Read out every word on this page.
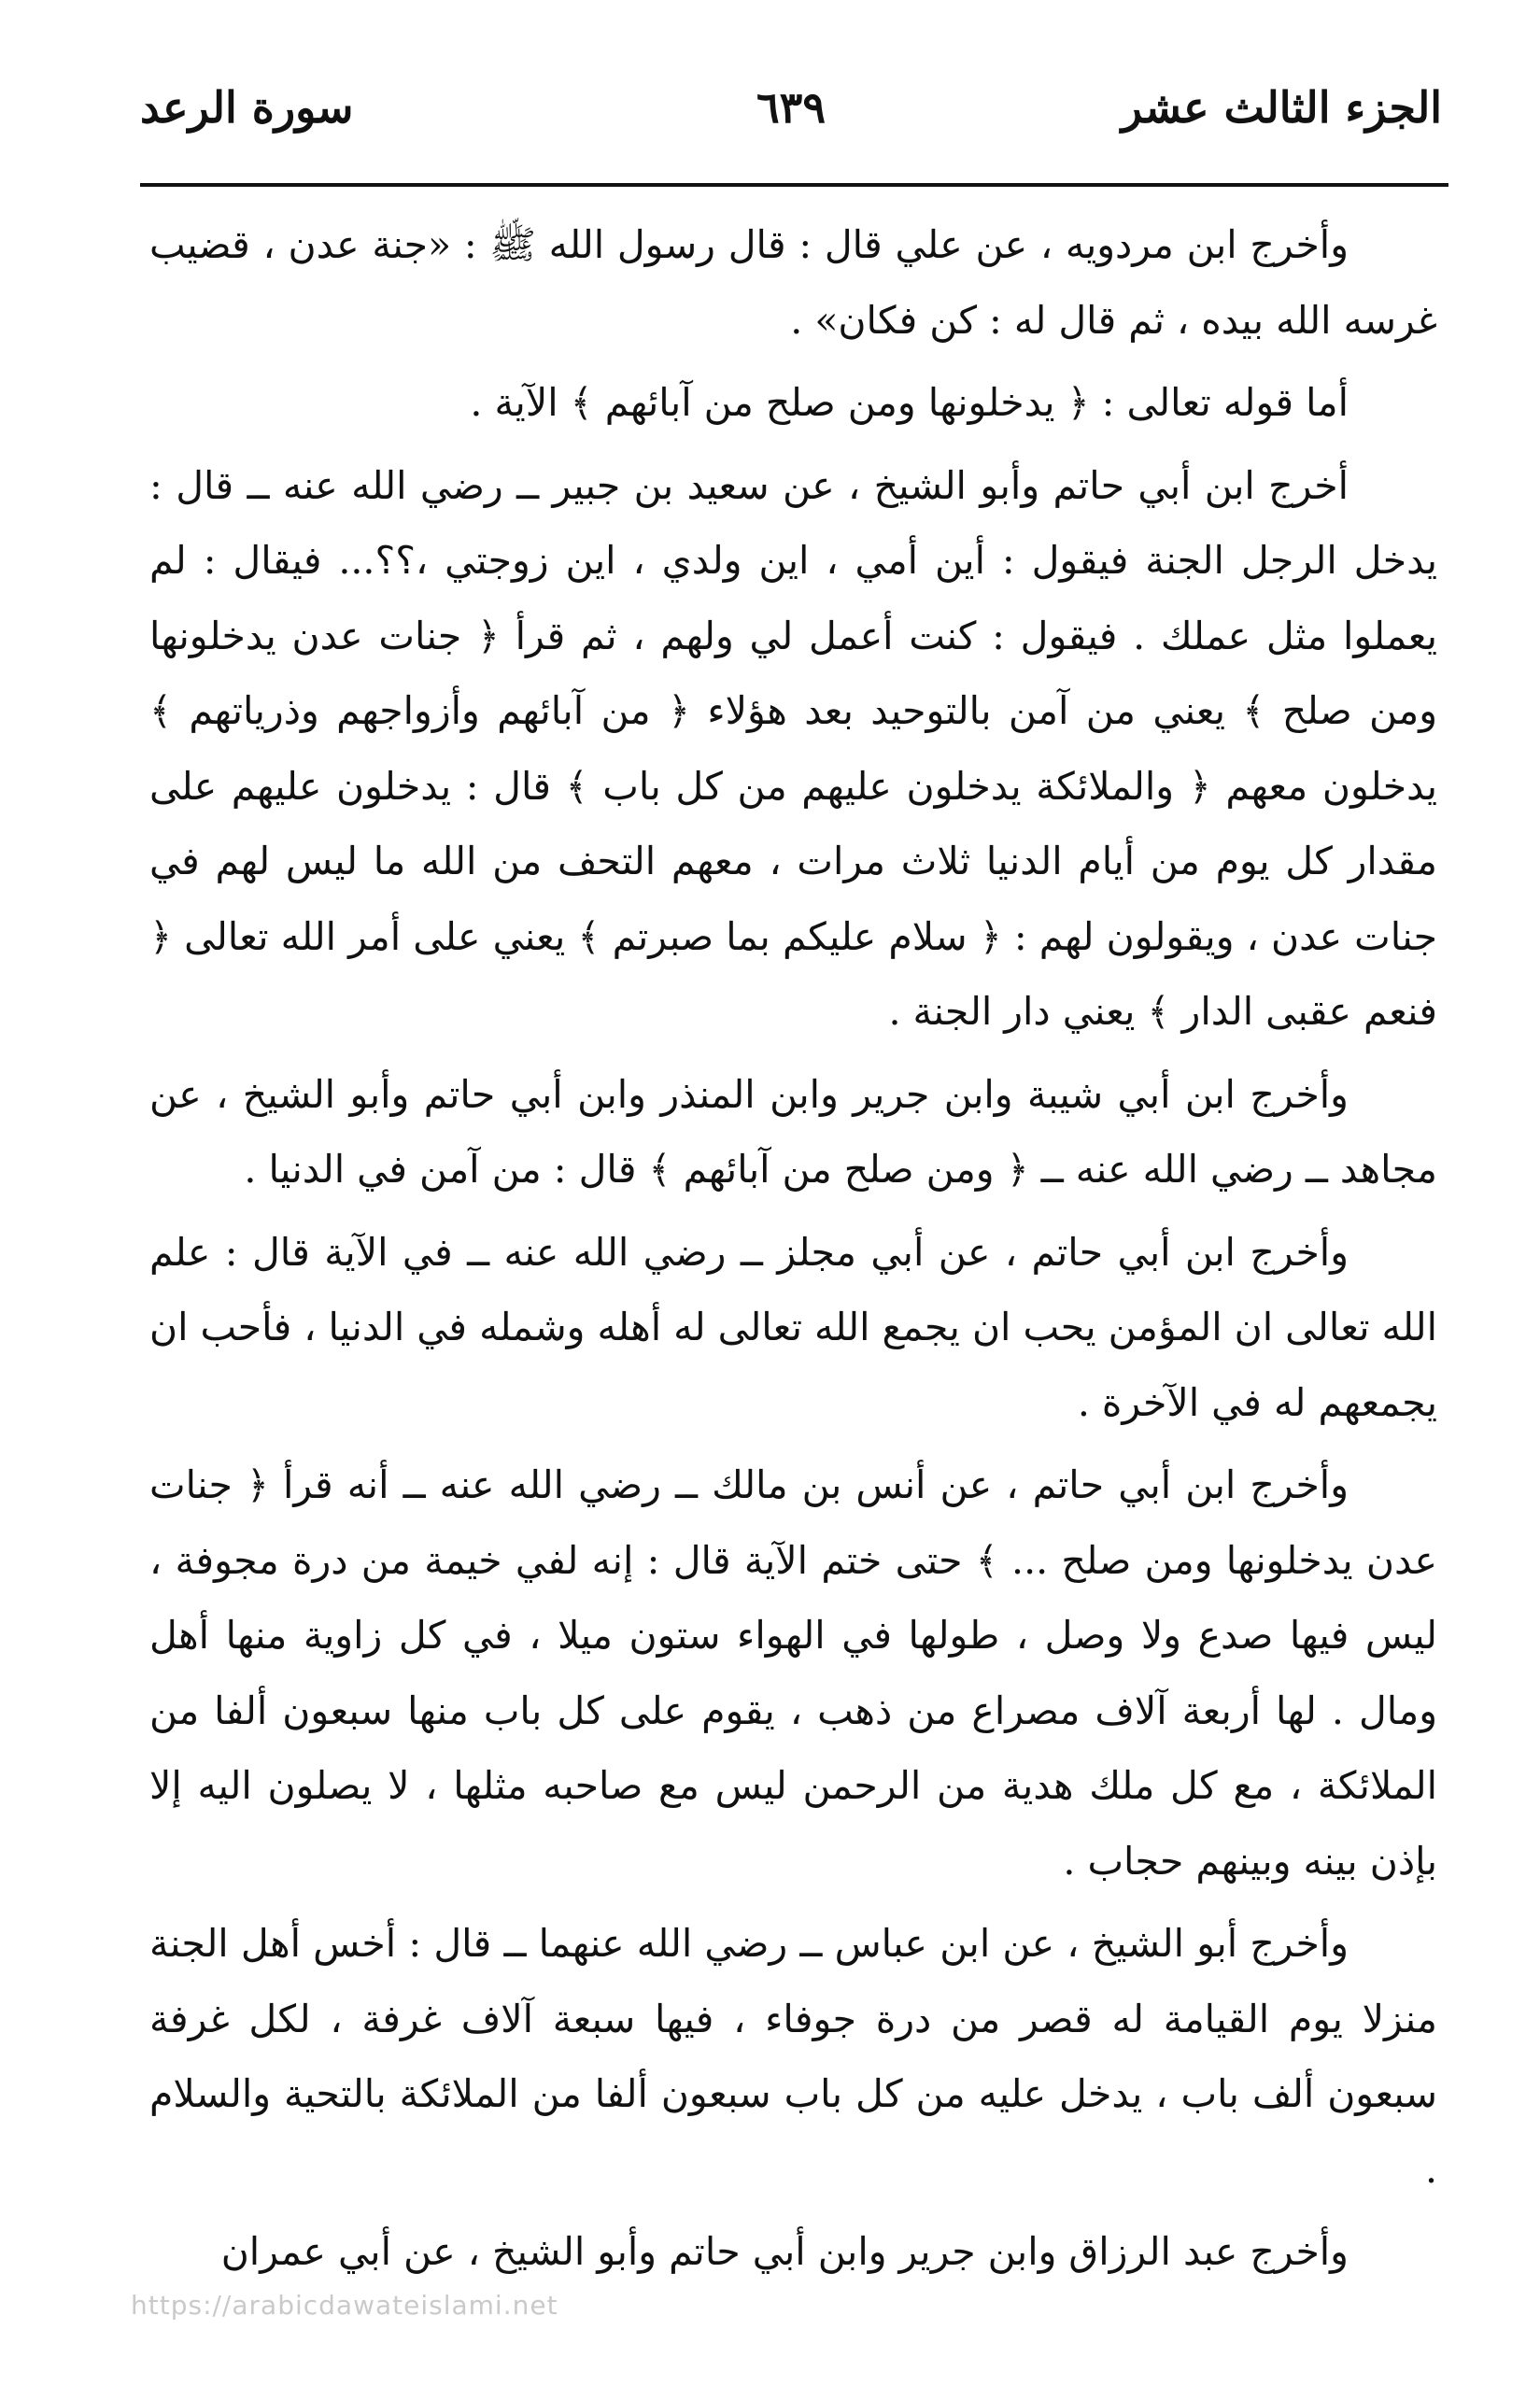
سورة الرعد	٦٣٩	الجزء الثالث عشر

وأخرج ابن مردويه ، عن علي قال : قال رسول الله ﷺ : «جنة عدن ، قضيب غرسه الله بيده ، ثم قال له : كن فكان» .

أما قوله تعالى : ﴿ يدخلونها ومن صلح من آبائهم ﴾ الآية .

أخرج ابن أبي حاتم وأبو الشيخ ، عن سعيد بن جبير ــ رضي الله عنه ــ قال : يدخل الرجل الجنة فيقول : أين أمي ، اين ولدي ، اين زوجتي ،؟؟... فيقال : لم يعملوا مثل عملك . فيقول : كنت أعمل لي ولهم ، ثم قرأ ﴿ جنات عدن يدخلونها ومن صلح ﴾ يعني من آمن بالتوحيد بعد هؤلاء ﴿ من آبائهم وأزواجهم وذرياتهم ﴾ يدخلون معهم ﴿ والملائكة يدخلون عليهم من كل باب ﴾ قال : يدخلون عليهم على مقدار كل يوم من أيام الدنيا ثلاث مرات ، معهم التحف من الله ما ليس لهم في جنات عدن ، ويقولون لهم : ﴿ سلام عليكم بما صبرتم ﴾ يعني على أمر الله تعالى ﴿ فنعم عقبى الدار ﴾ يعني دار الجنة .

وأخرج ابن أبي شيبة وابن جرير وابن المنذر وابن أبي حاتم وأبو الشيخ ، عن مجاهد ــ رضي الله عنه ــ ﴿ ومن صلح من آبائهم ﴾ قال : من آمن في الدنيا .

وأخرج ابن أبي حاتم ، عن أبي مجلز ــ رضي الله عنه ــ في الآية قال : علم الله تعالى ان المؤمن يحب ان يجمع الله تعالى له أهله وشمله في الدنيا ، فأحب ان يجمعهم له في الآخرة .

وأخرج ابن أبي حاتم ، عن أنس بن مالك ــ رضي الله عنه ــ أنه قرأ ﴿ جنات عدن يدخلونها ومن صلح ... ﴾ حتى ختم الآية قال : إنه لفي خيمة من درة مجوفة ، ليس فيها صدع ولا وصل ، طولها في الهواء ستون ميلا ، في كل زاوية منها أهل ومال . لها أربعة آلاف مصراع من ذهب ، يقوم على كل باب منها سبعون ألفا من الملائكة ، مع كل ملك هدية من الرحمن ليس مع صاحبه مثلها ، لا يصلون اليه إلا بإذن بينه وبينهم حجاب .

وأخرج أبو الشيخ ، عن ابن عباس ــ رضي الله عنهما ــ قال : أخس أهل الجنة منزلا يوم القيامة له قصر من درة جوفاء ، فيها سبعة آلاف غرفة ، لكل غرفة سبعون ألف باب ، يدخل عليه من كل باب سبعون ألفا من الملائكة بالتحية والسلام .

وأخرج عبد الرزاق وابن جرير وابن أبي حاتم وأبو الشيخ ، عن أبي عمران

https://arabicdawateislami.net
